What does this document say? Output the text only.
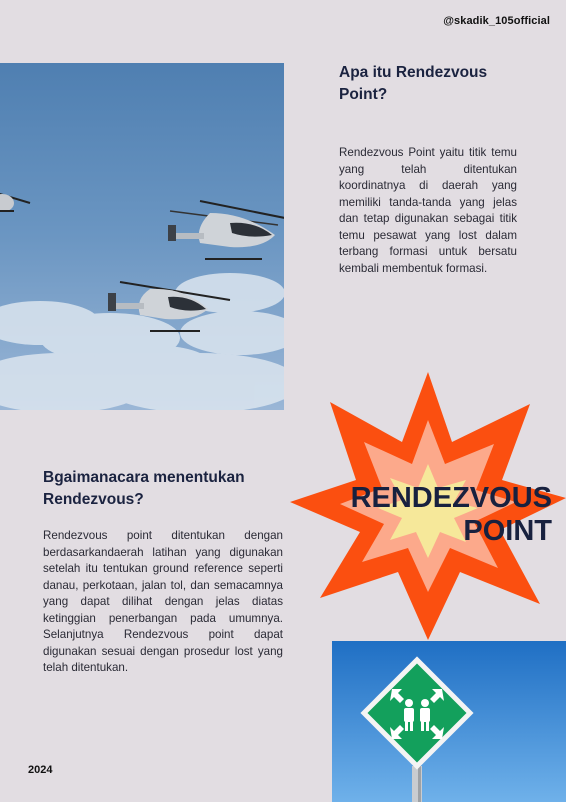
@skadik_105official
Apa itu Rendezvous Point?

Rendezvous Point yaitu titik temu yang telah ditentukan koordinatnya di daerah yang memiliki tanda-tanda yang jelas dan tetap digunakan sebagai titik temu pesawat yang lost dalam terbang formasi untuk bersatu kembali membentuk formasi.

RENDEZVOUS
POINT
Bgaimanacara menentukan Rendezvous?

Rendezvous point ditentukan dengan berdasarkandaerah latihan yang digunakan setelah itu tentukan ground reference seperti danau, perkotaan, jalan tol, dan semacamnya yang dapat dilihat dengan jelas diatas ketinggian penerbangan pada umumnya. Selanjutnya Rendezvous point dapat digunakan sesuai dengan prosedur lost yang telah ditentukan.

2024
